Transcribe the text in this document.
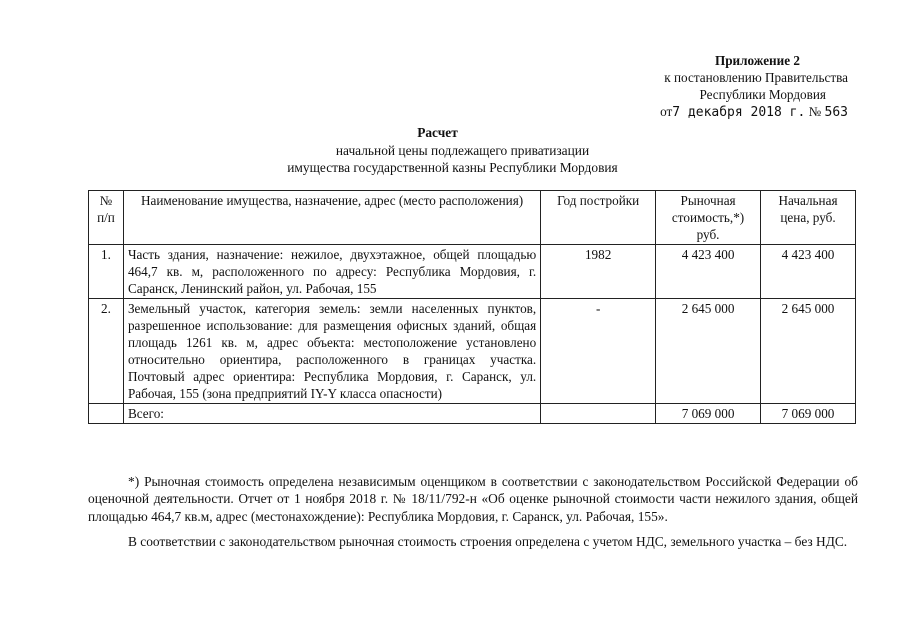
Приложение 2
к постановлению Правительства
Республики Мордовия
от7 декабря 2018 г. № 563
Расчет
начальной цены подлежащего приватизации
имущества государственной казны Республики Мордовия
№ п/п	Наименование имущества, назначение, адрес (место расположения)	Год постройки	Рыночная стоимость,*) руб.	Начальная цена, руб.
1.	Часть здания, назначение: нежилое, двухэтажное, общей площадью 464,7 кв. м, расположенного по адресу: Республика Мордовия, г. Саранск, Ленинский район, ул. Рабочая, 155	1982	4 423 400	4 423 400
2.	Земельный участок, категория земель: земли населенных пунктов, разрешенное использование: для размещения офисных зданий, общая площадь 1261 кв. м, адрес объекта: местоположение установлено относительно ориентира, расположенного в границах участка. Почтовый адрес ориентира: Республика Мордовия, г. Саранск, ул. Рабочая, 155 (зона предприятий IY-Y класса опасности)	-	2 645 000	2 645 000
	Всего:		7 069 000	7 069 000

*) Рыночная стоимость определена независимым оценщиком в соответствии с законодательством Российской Федерации об оценочной деятельности. Отчет от 1 ноября 2018 г. № 18/11/792-н «Об оценке рыночной стоимости части нежилого здания, общей площадью 464,7 кв.м, адрес (местонахождение): Республика Мордовия, г. Саранск, ул. Рабочая, 155».

В соответствии с законодательством рыночная стоимость строения определена с учетом НДС, земельного участка – без НДС.
